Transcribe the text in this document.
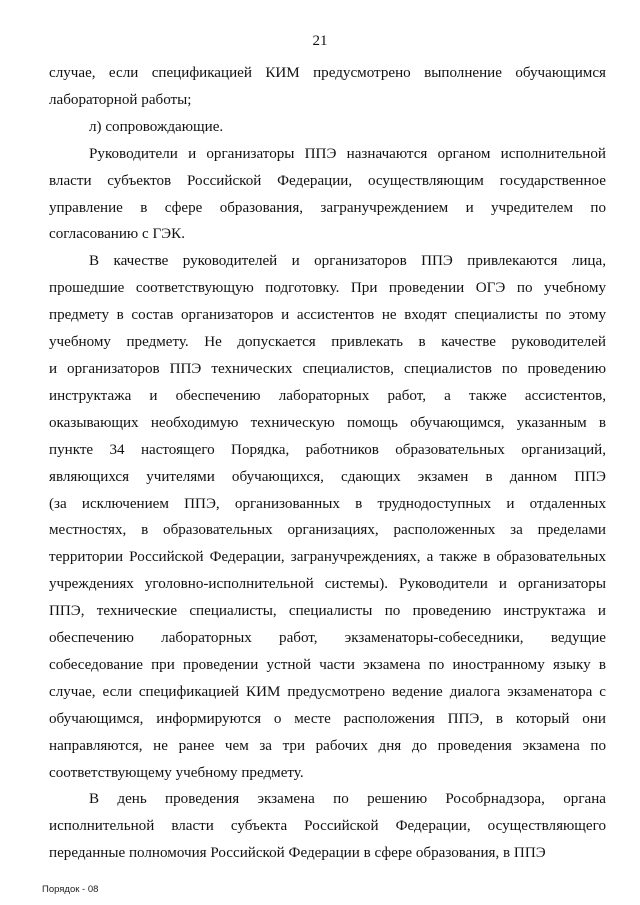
21

случае, если спецификацией КИМ предусмотрено выполнение обучающимся
лабораторной работы;

л) сопровождающие.

Руководители и организаторы ППЭ назначаются органом исполнительной
власти субъектов Российской Федерации, осуществляющим государственное
управление в сфере образования, загранучреждением и учредителем по
согласованию с ГЭК.

В качестве руководителей и организаторов ППЭ привлекаются лица,
прошедшие соответствующую подготовку. При проведении ОГЭ по учебному
предмету в состав организаторов и ассистентов не входят специалисты по этому
учебному предмету. Не допускается привлекать в качестве руководителей
и организаторов ППЭ технических специалистов, специалистов по проведению
инструктажа и обеспечению лабораторных работ, а также ассистентов,
оказывающих необходимую техническую помощь обучающимся, указанным в
пункте 34 настоящего Порядка, работников образовательных организаций,
являющихся учителями обучающихся, сдающих экзамен в данном ППЭ
(за исключением ППЭ, организованных в труднодоступных и отдаленных
местностях, в образовательных организациях, расположенных за пределами
территории Российской Федерации, загранучреждениях, а также в образовательных
учреждениях уголовно-исполнительной системы). Руководители и организаторы
ППЭ, технические специалисты, специалисты по проведению инструктажа и
обеспечению лабораторных работ, экзаменаторы-собеседники, ведущие
собеседование при проведении устной части экзамена по иностранному языку в
случае, если спецификацией КИМ предусмотрено ведение диалога экзаменатора с
обучающимся, информируются о месте расположения ППЭ, в который они
направляются, не ранее чем за три рабочих дня до проведения экзамена по
соответствующему учебному предмету.

В день проведения экзамена по решению Рособрнадзора, органа
исполнительной власти субъекта Российской Федерации, осуществляющего
переданные полномочия Российской Федерации в сфере образования, в ППЭ

Порядок - 08
